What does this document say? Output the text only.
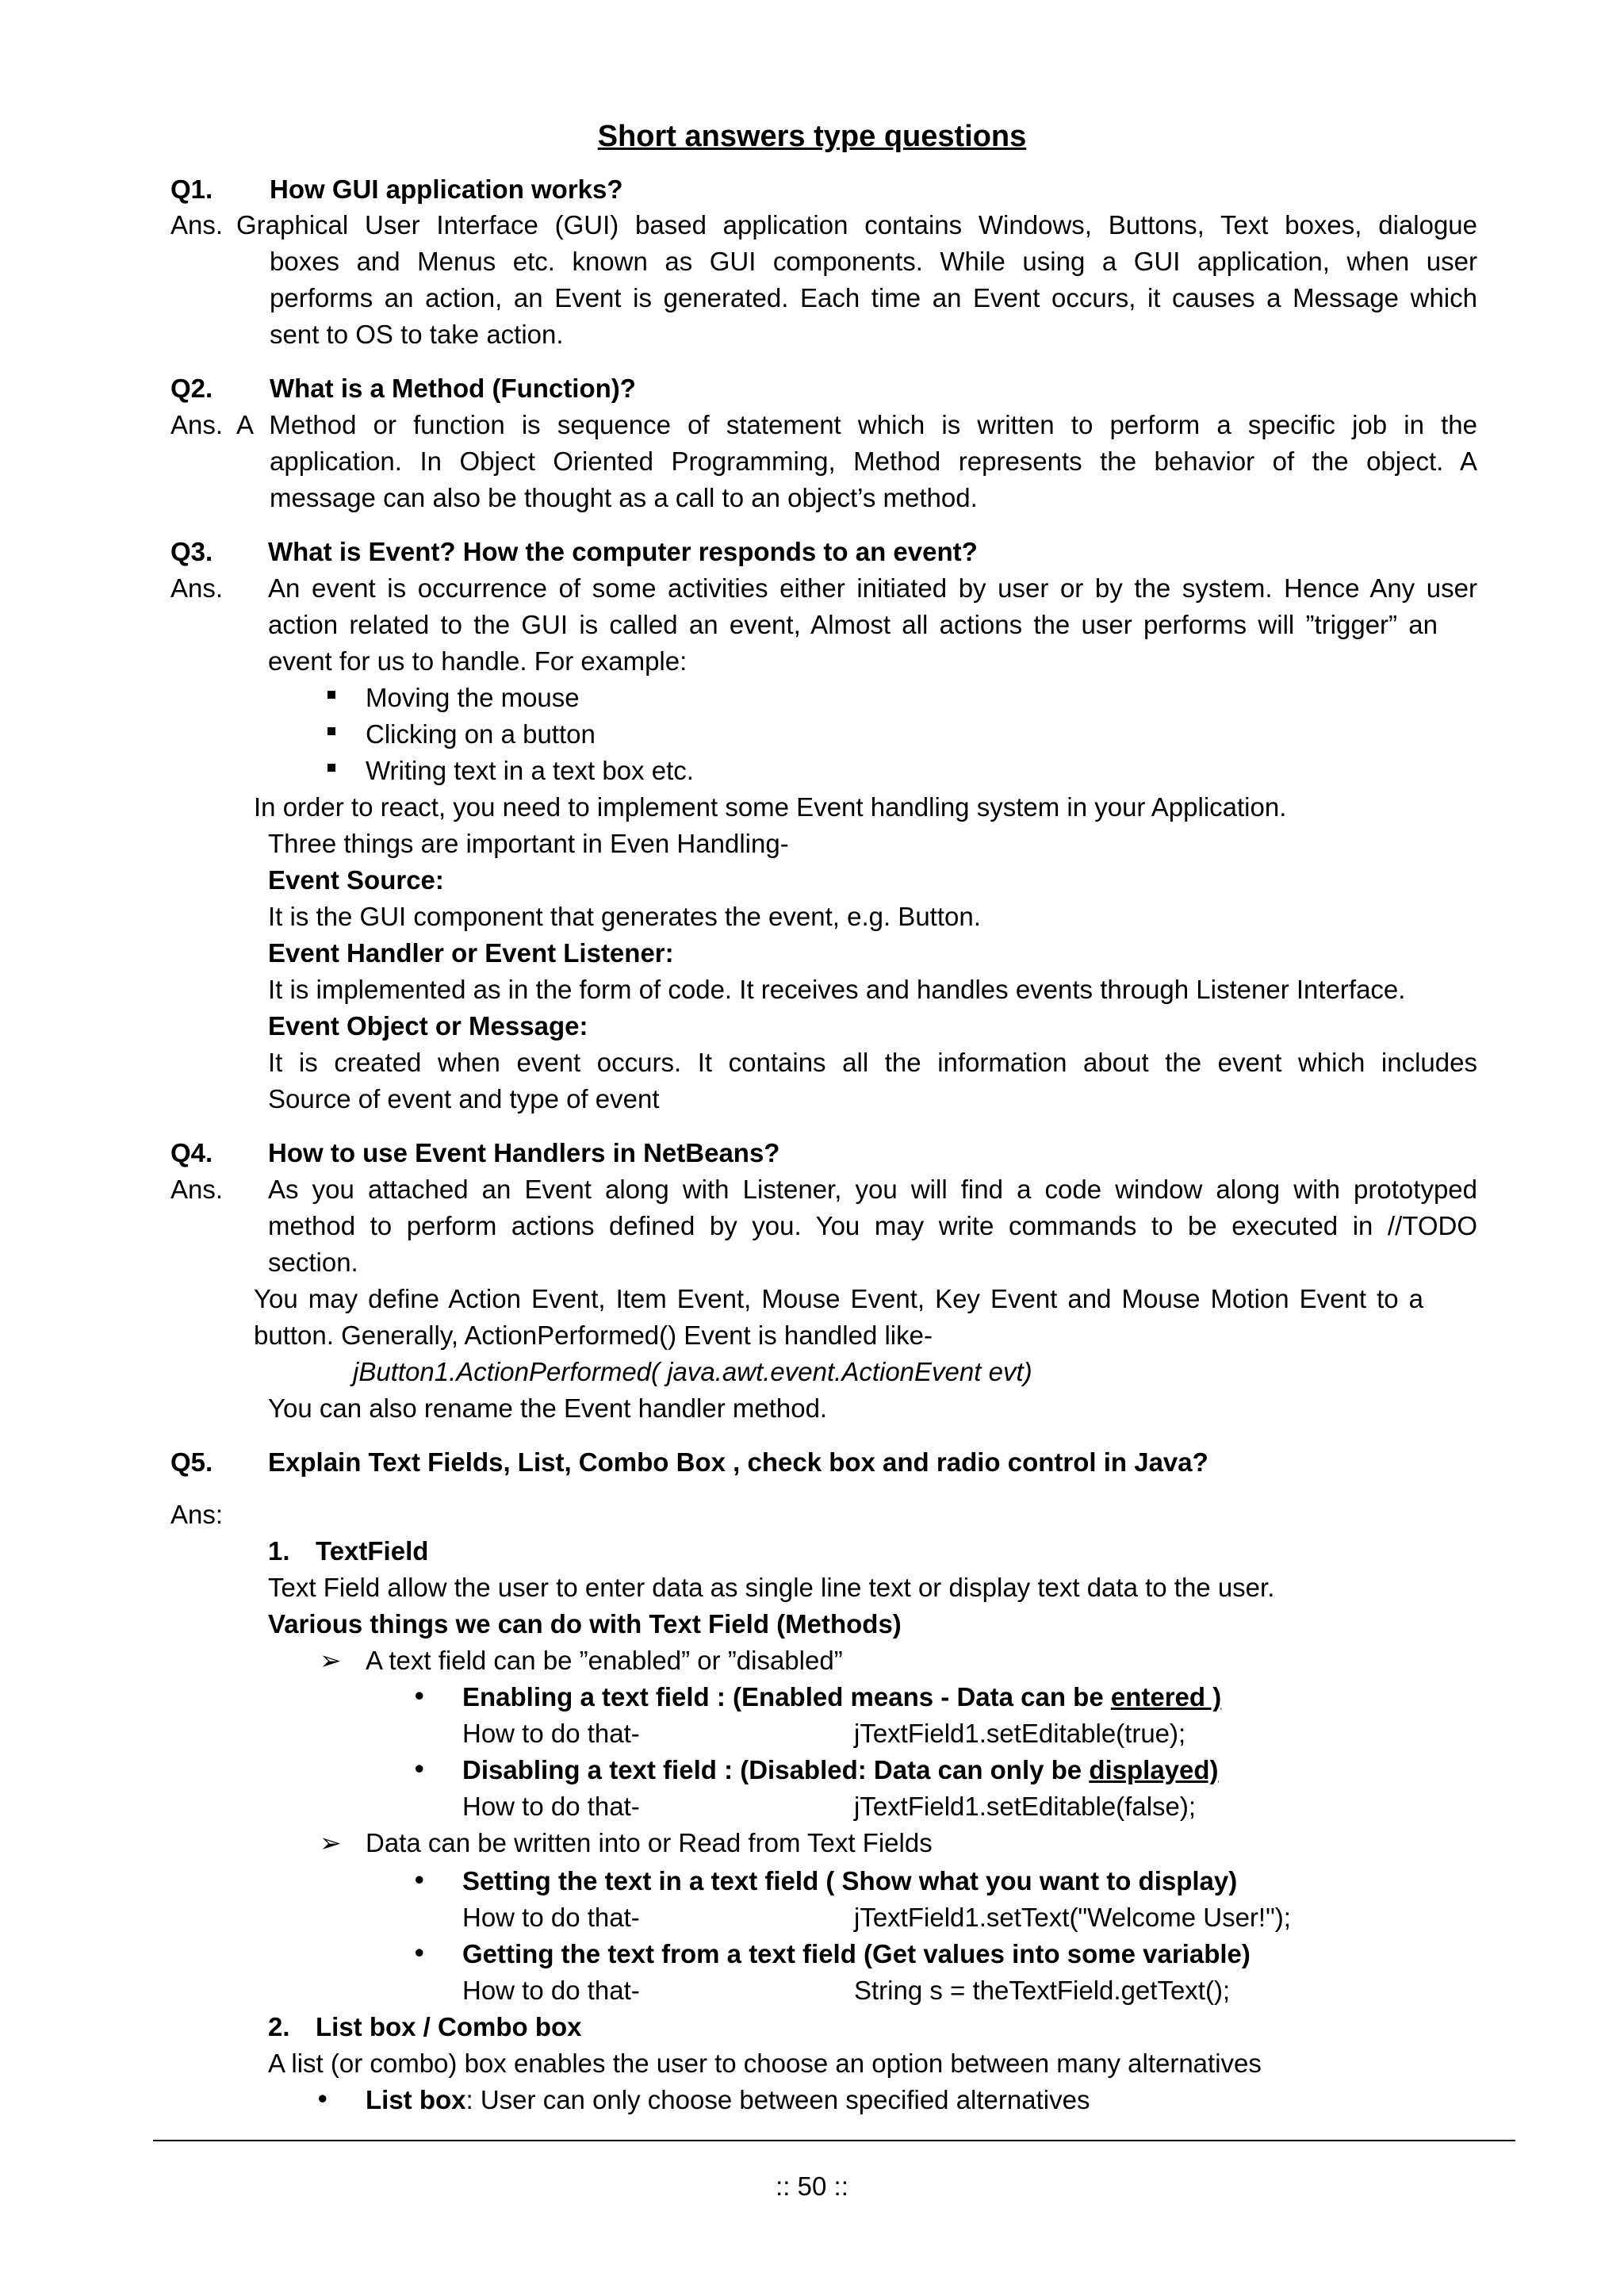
Short answers type questions
Q1. How GUI application works?
Ans. Graphical User Interface (GUI) based application contains Windows, Buttons, Text boxes, dialogue
boxes and Menus etc. known as GUI components. While using a GUI application, when user
performs an action, an Event is generated. Each time an Event occurs, it causes a Message which
sent to OS to take action.
Q2. What is a Method (Function)?
Ans. A Method or function is sequence of statement which is written to perform a specific job in the
application. In Object Oriented Programming, Method represents the behavior of the object. A
message can also be thought as a call to an object’s method.
Q3. What is Event? How the computer responds to an event?
Ans. An event is occurrence of some activities either initiated by user or by the system. Hence Any user
action related to the GUI is called an event, Almost all actions the user performs will ”trigger” an
event for us to handle. For example:
Moving the mouse
Clicking on a button
Writing text in a text box etc.
In order to react, you need to implement some Event handling system in your Application.
Three things are important in Even Handling-
Event Source:
It is the GUI component that generates the event, e.g. Button.
Event Handler or Event Listener:
It is implemented as in the form of code. It receives and handles events through Listener Interface.
Event Object or Message:
It is created when event occurs. It contains all the information about the event which includes
Source of event and type of event
Q4. How to use Event Handlers in NetBeans?
Ans. As you attached an Event along with Listener, you will find a code window along with prototyped
method to perform actions defined by you. You may write commands to be executed in //TODO
section.
You may define Action Event, Item Event, Mouse Event, Key Event and Mouse Motion Event to a
button. Generally, ActionPerformed() Event is handled like-
jButton1.ActionPerformed( java.awt.event.ActionEvent evt)
You can also rename the Event handler method.
Q5. Explain Text Fields, List, Combo Box , check box and radio control in Java?
Ans:
1. TextField
Text Field allow the user to enter data as single line text or display text data to the user.
Various things we can do with Text Field (Methods)
➢ A text field can be ”enabled” or ”disabled”
• Enabling a text field : (Enabled means - Data can be entered )
How to do that-	jTextField1.setEditable(true);
• Disabling a text field : (Disabled: Data can only be displayed)
How to do that-	jTextField1.setEditable(false);
➢ Data can be written into or Read from Text Fields
• Setting the text in a text field ( Show what you want to display)
How to do that-	jTextField1.setText("Welcome User!");
• Getting the text from a text field (Get values into some variable)
How to do that-	String s = theTextField.getText();
2. List box / Combo box
A list (or combo) box enables the user to choose an option between many alternatives
• List box: User can only choose between specified alternatives
:: 50 ::
